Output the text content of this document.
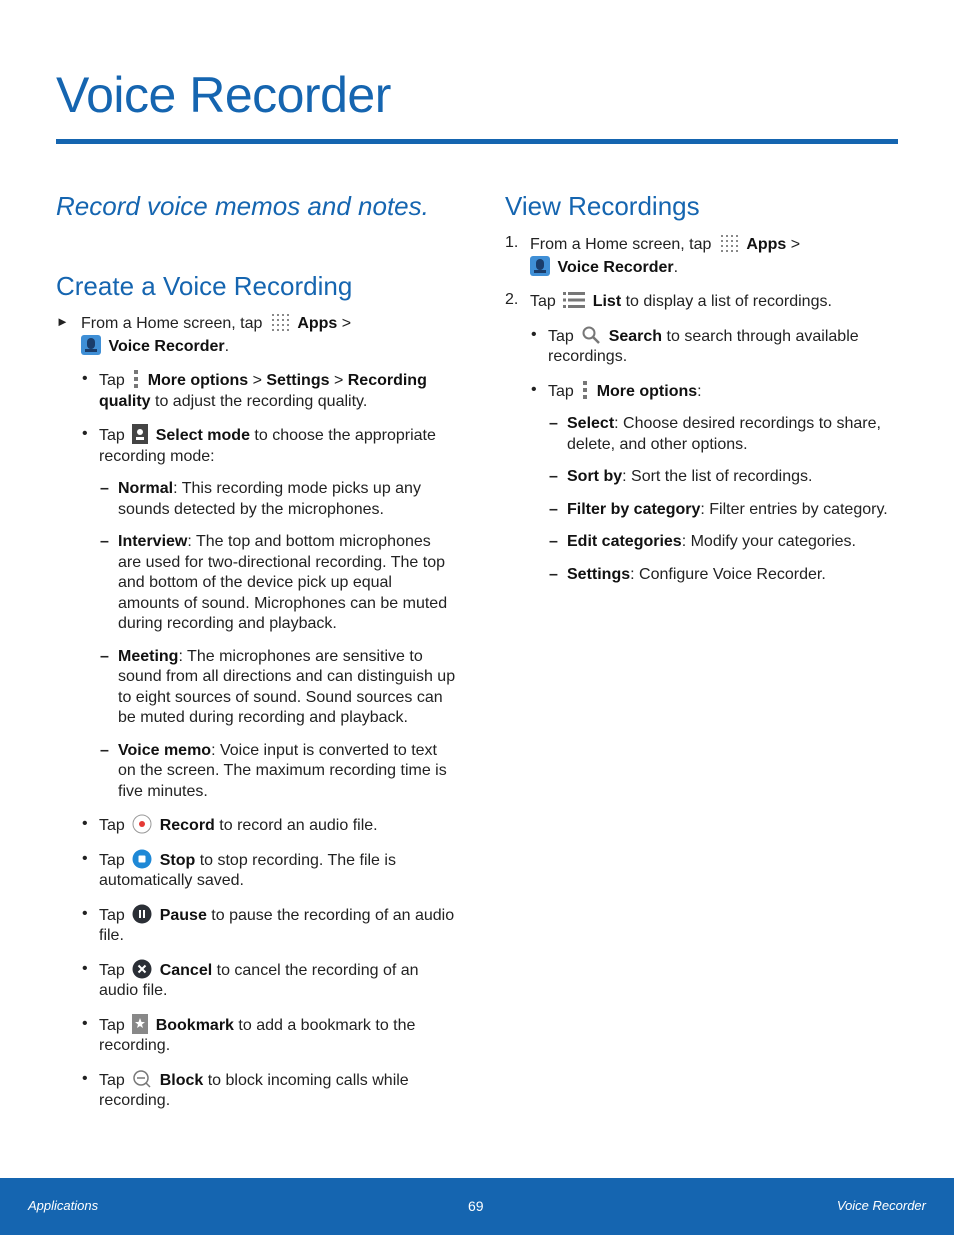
Voice Recorder
Record voice memos and notes.
Create a Voice Recording
► From a Home screen, tap Apps >
Voice Recorder.
• Tap More options > Settings > Recording quality to adjust the recording quality.
• Tap Select mode to choose the appropriate recording mode:
– Normal: This recording mode picks up any sounds detected by the microphones.
– Interview: The top and bottom microphones are used for two-directional recording. The top and bottom of the device pick up equal amounts of sound. Microphones can be muted during recording and playback.
– Meeting: The microphones are sensitive to sound from all directions and can distinguish up to eight sources of sound. Sound sources can be muted during recording and playback.
– Voice memo: Voice input is converted to text on the screen. The maximum recording time is five minutes.
• Tap Record to record an audio file.
• Tap Stop to stop recording. The file is automatically saved.
• Tap Pause to pause the recording of an audio file.
• Tap Cancel to cancel the recording of an audio file.
• Tap Bookmark to add a bookmark to the recording.
• Tap Block to block incoming calls while recording.
View Recordings
1. From a Home screen, tap Apps >
Voice Recorder.
2. Tap List to display a list of recordings.
• Tap Search to search through available recordings.
• Tap More options:
– Select: Choose desired recordings to share, delete, and other options.
– Sort by: Sort the list of recordings.
– Filter by category: Filter entries by category.
– Edit categories: Modify your categories.
– Settings: Configure Voice Recorder.
Applications	69	Voice Recorder
